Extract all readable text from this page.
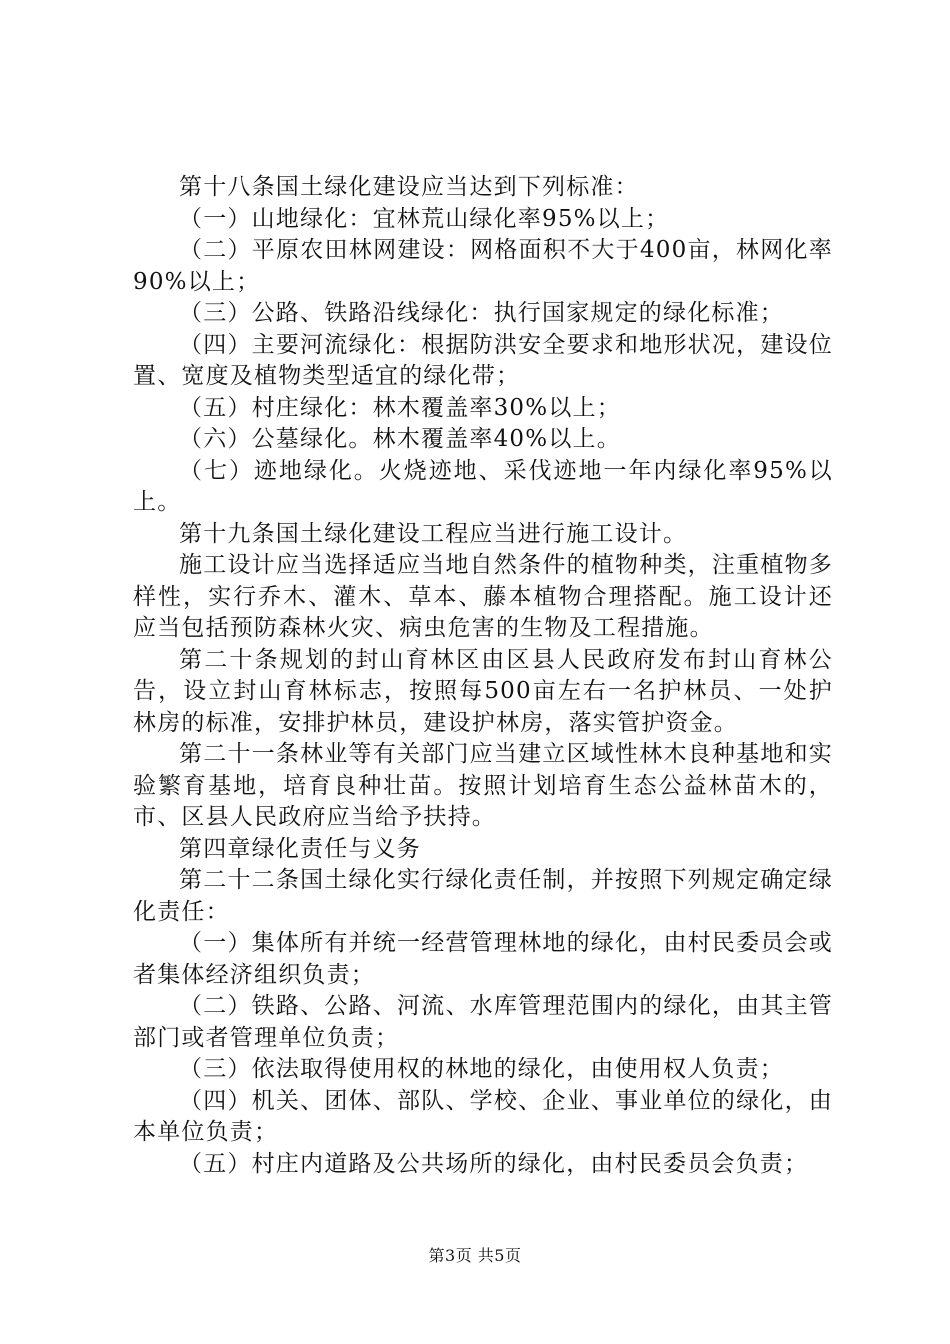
第十八条国土绿化建设应当达到下列标准：

（一）山地绿化：宜林荒山绿化率95%以上；

（二）平原农田林网建设：网格面积不大于400亩，林网化率90%以上；

（三）公路、铁路沿线绿化：执行国家规定的绿化标准；

（四）主要河流绿化：根据防洪安全要求和地形状况，建设位置、宽度及植物类型适宜的绿化带；

（五）村庄绿化：林木覆盖率30%以上；

（六）公墓绿化。林木覆盖率40%以上。

（七）迹地绿化。火烧迹地、采伐迹地一年内绿化率95%以上。

第十九条国土绿化建设工程应当进行施工设计。

施工设计应当选择适应当地自然条件的植物种类，注重植物多样性，实行乔木、灌木、草本、藤本植物合理搭配。施工设计还应当包括预防森林火灾、病虫危害的生物及工程措施。

第二十条规划的封山育林区由区县人民政府发布封山育林公告，设立封山育林标志，按照每500亩左右一名护林员、一处护林房的标准，安排护林员，建设护林房，落实管护资金。

第二十一条林业等有关部门应当建立区域性林木良种基地和实验繁育基地，培育良种壮苗。按照计划培育生态公益林苗木的，市、区县人民政府应当给予扶持。

第四章绿化责任与义务

第二十二条国土绿化实行绿化责任制，并按照下列规定确定绿化责任：

（一）集体所有并统一经营管理林地的绿化，由村民委员会或者集体经济组织负责；

（二）铁路、公路、河流、水库管理范围内的绿化，由其主管部门或者管理单位负责；

（三）依法取得使用权的林地的绿化，由使用权人负责；

（四）机关、团体、部队、学校、企业、事业单位的绿化，由本单位负责；

（五）村庄内道路及公共场所的绿化，由村民委员会负责；

第3页 共5页
